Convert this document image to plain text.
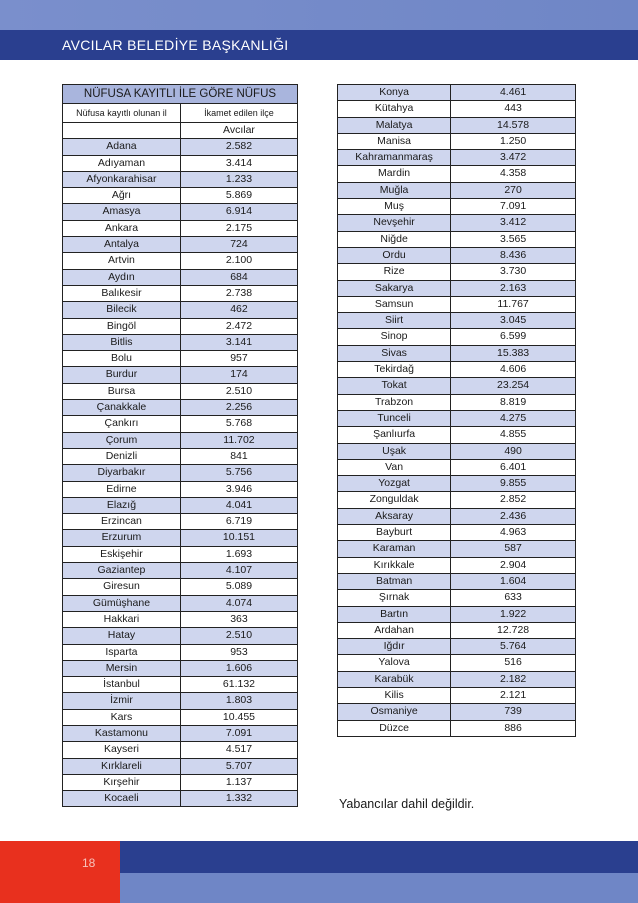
AVCILAR BELEDİYE BAŞKANLIĞI
NÜFUSA KAYITLI İLE GÖRE NÜFUS	
Nüfusa kayıtlı olunan il	İkamet edilen ilçe
	Avcılar
Adana	2.582
Adıyaman	3.414
Afyonkarahisar	1.233
Ağrı	5.869
Amasya	6.914
Ankara	2.175
Antalya	724
Artvin	2.100
Aydın	684
Balıkesir	2.738
Bilecik	462
Bingöl	2.472
Bitlis	3.141
Bolu	957
Burdur	174
Bursa	2.510
Çanakkale	2.256
Çankırı	5.768
Çorum	11.702
Denizli	841
Diyarbakır	5.756
Edirne	3.946
Elazığ	4.041
Erzincan	6.719
Erzurum	10.151
Eskişehir	1.693
Gaziantep	4.107
Giresun	5.089
Gümüşhane	4.074
Hakkari	363
Hatay	2.510
Isparta	953
Mersin	1.606
İstanbul	61.132
İzmir	1.803
Kars	10.455
Kastamonu	7.091
Kayseri	4.517
Kırklareli	5.707
Kırşehir	1.137
Kocaeli	1.332
Konya	4.461
Kütahya	443
Malatya	14.578
Manisa	1.250
Kahramanmaraş	3.472
Mardin	4.358
Muğla	270
Muş	7.091
Nevşehir	3.412
Niğde	3.565
Ordu	8.436
Rize	3.730
Sakarya	2.163
Samsun	11.767
Siirt	3.045
Sinop	6.599
Sivas	15.383
Tekirdağ	4.606
Tokat	23.254
Trabzon	8.819
Tunceli	4.275
Şanlıurfa	4.855
Uşak	490
Van	6.401
Yozgat	9.855
Zonguldak	2.852
Aksaray	2.436
Bayburt	4.963
Karaman	587
Kırıkkale	2.904
Batman	1.604
Şırnak	633
Bartın	1.922
Ardahan	12.728
Iğdır	5.764
Yalova	516
Karabük	2.182
Kilis	2.121
Osmaniye	739
Düzce	886
Yabancılar dahil değildir.
18
